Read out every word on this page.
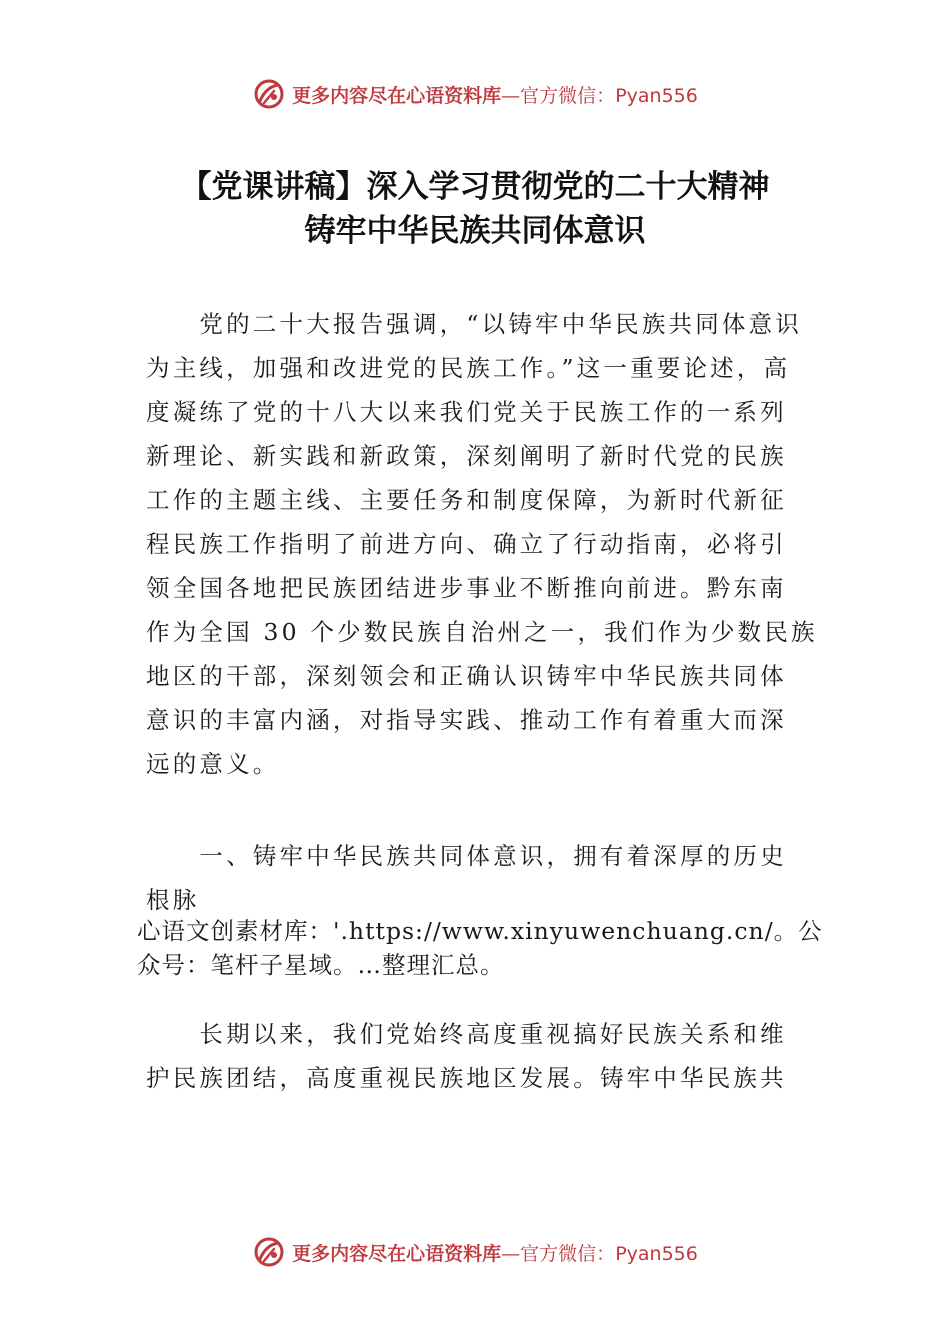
更多内容尽在心语资料库—官方微信：Pyan556
【党课讲稿】深入学习贯彻党的二十大精神
铸牢中华民族共同体意识
　　党的二十大报告强调，“以铸牢中华民族共同体意识
为主线，加强和改进党的民族工作。”这一重要论述，高
度凝练了党的十八大以来我们党关于民族工作的一系列
新理论、新实践和新政策，深刻阐明了新时代党的民族
工作的主题主线、主要任务和制度保障，为新时代新征
程民族工作指明了前进方向、确立了行动指南，必将引
领全国各地把民族团结进步事业不断推向前进。黔东南
作为全国 30 个少数民族自治州之一，我们作为少数民族
地区的干部，深刻领会和正确认识铸牢中华民族共同体
意识的丰富内涵，对指导实践、推动工作有着重大而深
远的意义。
　　一、铸牢中华民族共同体意识，拥有着深厚的历史
根脉
心语文创素材库：'.https://www.xinyuwenchuang.cn/。公
众号：笔杆子星域。…整理汇总。
　　长期以来，我们党始终高度重视搞好民族关系和维
护民族团结，高度重视民族地区发展。铸牢中华民族共
更多内容尽在心语资料库—官方微信：Pyan556
